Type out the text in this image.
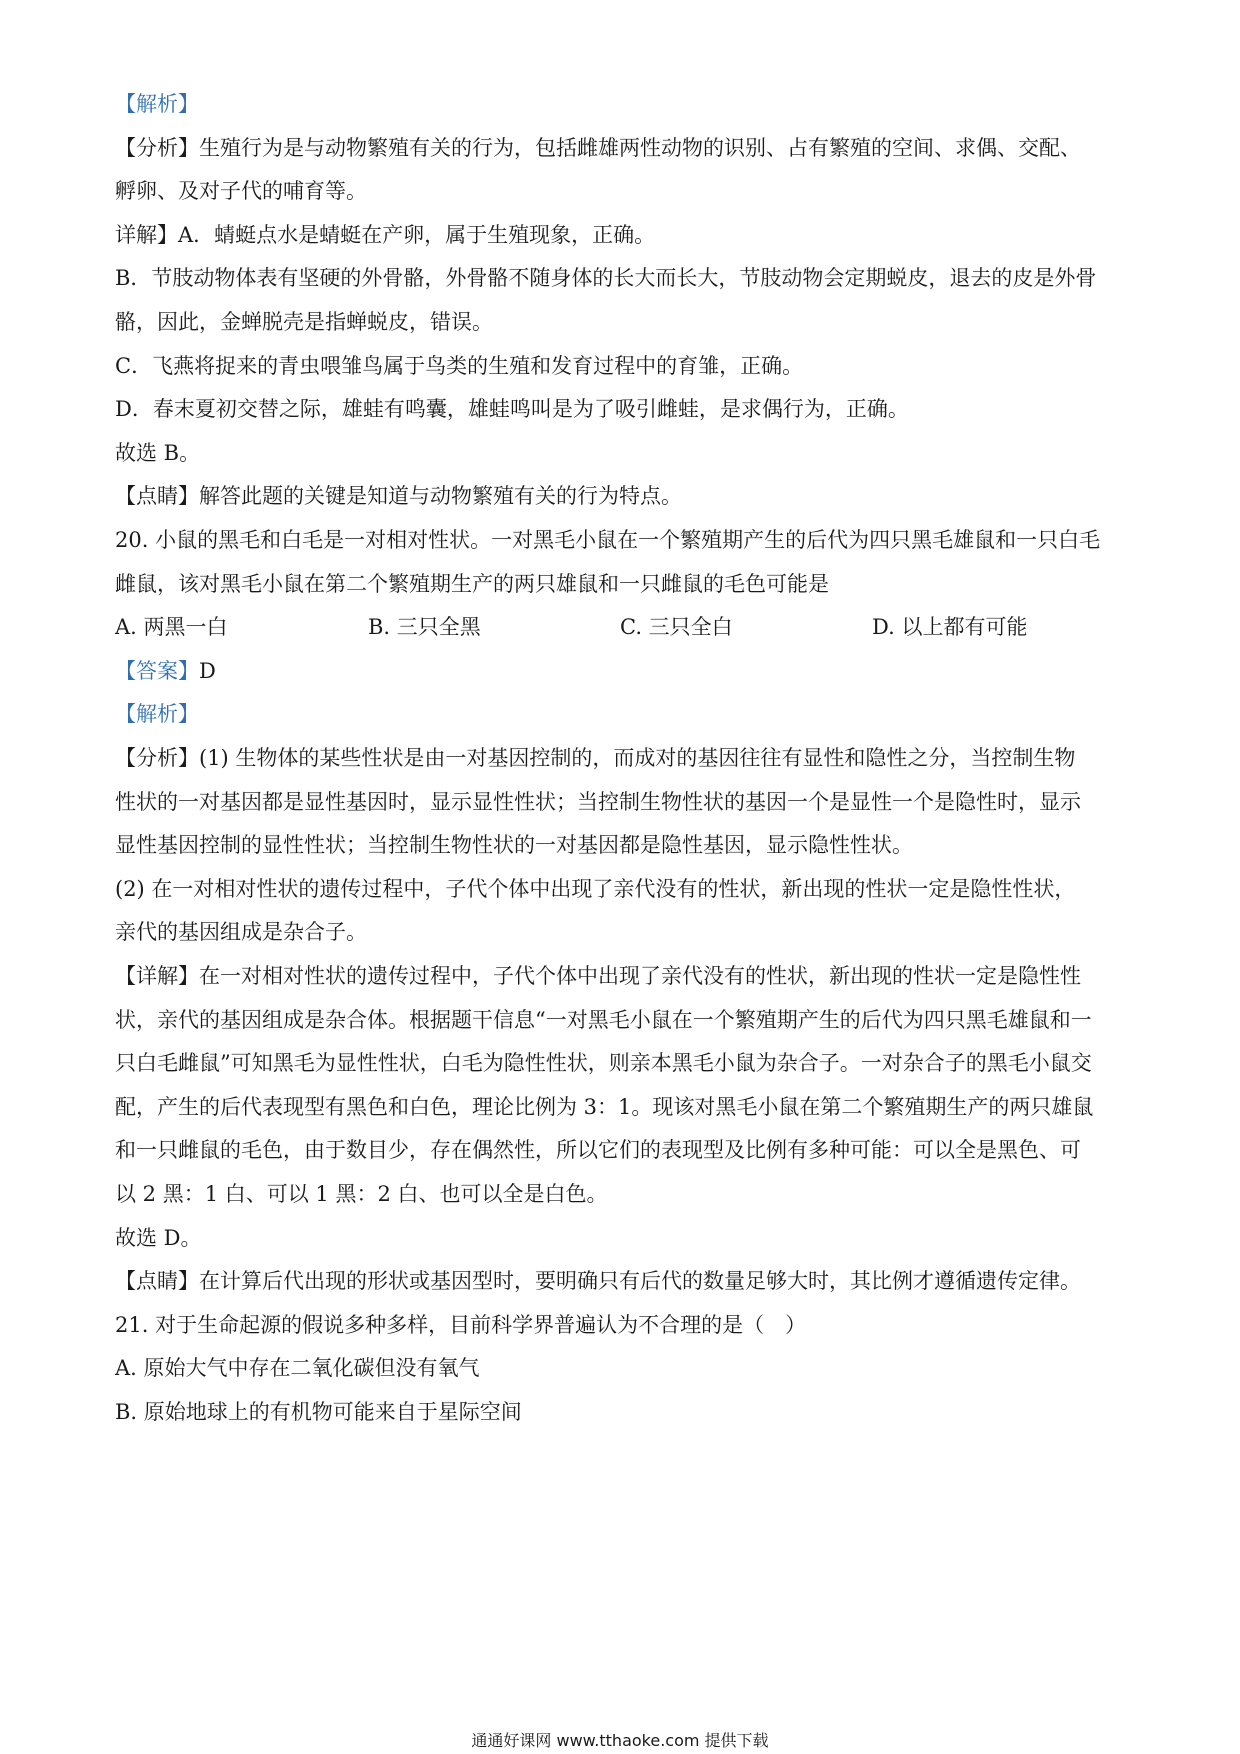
【解析】
【分析】生殖行为是与动物繁殖有关的行为，包括雌雄两性动物的识别、占有繁殖的空间、求偶、交配、
孵卵、及对子代的哺育等。
详解】A．蜻蜓点水是蜻蜓在产卵，属于生殖现象，正确。
B．节肢动物体表有坚硬的外骨骼，外骨骼不随身体的长大而长大，节肢动物会定期蜕皮，退去的皮是外骨
骼，因此，金蝉脱壳是指蝉蜕皮，错误。
C．飞燕将捉来的青虫喂雏鸟属于鸟类的生殖和发育过程中的育雏，正确。
D．春末夏初交替之际，雄蛙有鸣囊，雄蛙鸣叫是为了吸引雌蛙，是求偶行为，正确。
故选 B。
【点睛】解答此题的关键是知道与动物繁殖有关的行为特点。
20. 小鼠的黑毛和白毛是一对相对性状。一对黑毛小鼠在一个繁殖期产生的后代为四只黑毛雄鼠和一只白毛
雌鼠，该对黑毛小鼠在第二个繁殖期生产的两只雄鼠和一只雌鼠的毛色可能是
A. 两黑一白	B. 三只全黑	C. 三只全白	D. 以上都有可能
【答案】D
【解析】
【分析】(1) 生物体的某些性状是由一对基因控制的，而成对的基因往往有显性和隐性之分，当控制生物
性状的一对基因都是显性基因时，显示显性性状；当控制生物性状的基因一个是显性一个是隐性时，显示
显性基因控制的显性性状；当控制生物性状的一对基因都是隐性基因，显示隐性性状。
(2) 在一对相对性状的遗传过程中，子代个体中出现了亲代没有的性状，新出现的性状一定是隐性性状，
亲代的基因组成是杂合子。
【详解】在一对相对性状的遗传过程中，子代个体中出现了亲代没有的性状，新出现的性状一定是隐性性
状，亲代的基因组成是杂合体。根据题干信息“一对黑毛小鼠在一个繁殖期产生的后代为四只黑毛雄鼠和一
只白毛雌鼠”可知黑毛为显性性状，白毛为隐性性状，则亲本黑毛小鼠为杂合子。一对杂合子的黑毛小鼠交
配，产生的后代表现型有黑色和白色，理论比例为 3：1。现该对黑毛小鼠在第二个繁殖期生产的两只雄鼠
和一只雌鼠的毛色，由于数目少，存在偶然性，所以它们的表现型及比例有多种可能：可以全是黑色、可
以 2 黑：1 白、可以 1 黑：2 白、也可以全是白色。
故选 D。
【点睛】在计算后代出现的形状或基因型时，要明确只有后代的数量足够大时，其比例才遵循遗传定律。
21. 对于生命起源的假说多种多样，目前科学界普遍认为不合理的是（　）
A. 原始大气中存在二氧化碳但没有氧气
B. 原始地球上的有机物可能来自于星际空间
通通好课网 www.tthaoke.com 提供下载
